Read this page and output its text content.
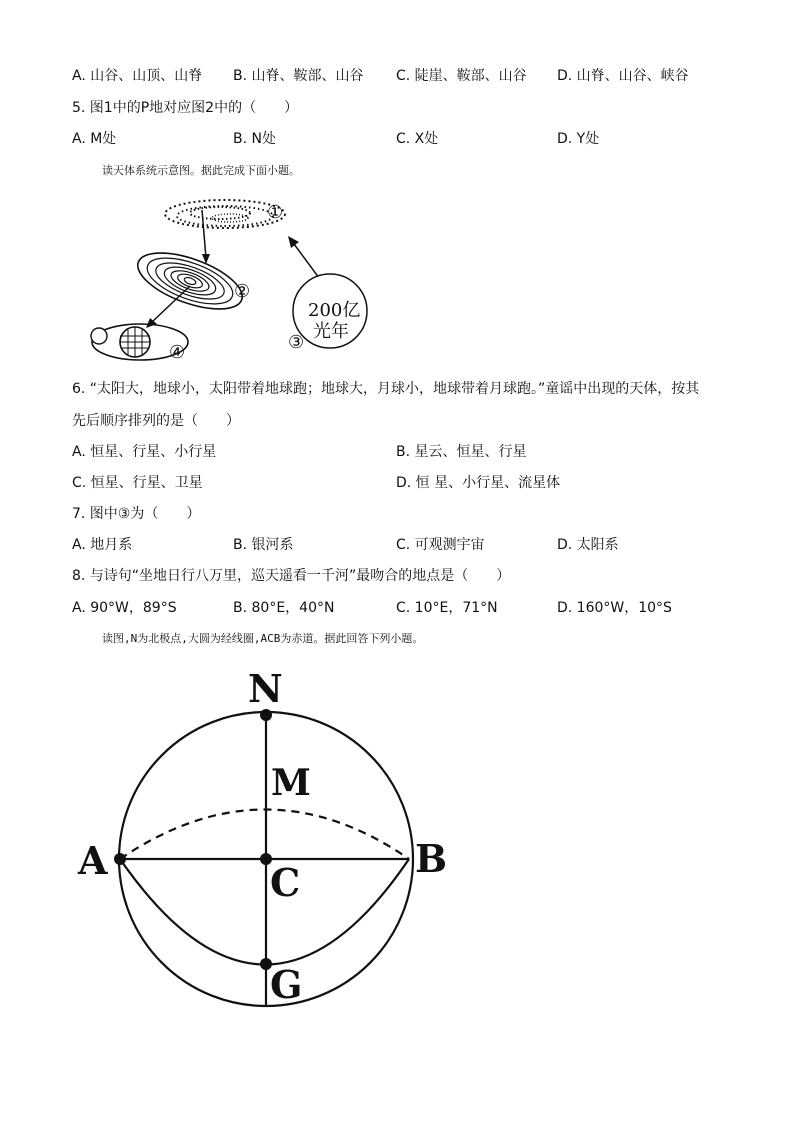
A. 山谷、山顶、山脊 B. 山脊、鞍部、山谷 C. 陡崖、鞍部、山谷 D. 山脊、山谷、峡谷
5. 图1中的P地对应图2中的（　　）
A. M处	B. N处	C. X处	D. Y处
读天体系统示意图。据此完成下面小题。
200亿
光年
①
②
③
④
6. “太阳大，地球小，太阳带着地球跑；地球大，月球小，地球带着月球跑。”童谣中出现的天体，按其
先后顺序排列的是（　　）
A. 恒星、行星、小行星	B. 星云、恒星、行星
C. 恒星、行星、卫星	D. 恒 星、小行星、流星体
7. 图中③为（　　）
A. 地月系	B. 银河系	C. 可观测宇宙	D. 太阳系
8. 与诗句“坐地日行八万里，巡天遥看一千河”最吻合的地点是（　　）
A. 90°W，89°S	B. 80°E，40°N	C. 10°E，71°N	D. 160°W，10°S
读图,N为北极点,大圆为经线圈,ACB为赤道。据此回答下列小题。
N
M
A	B
C
G
